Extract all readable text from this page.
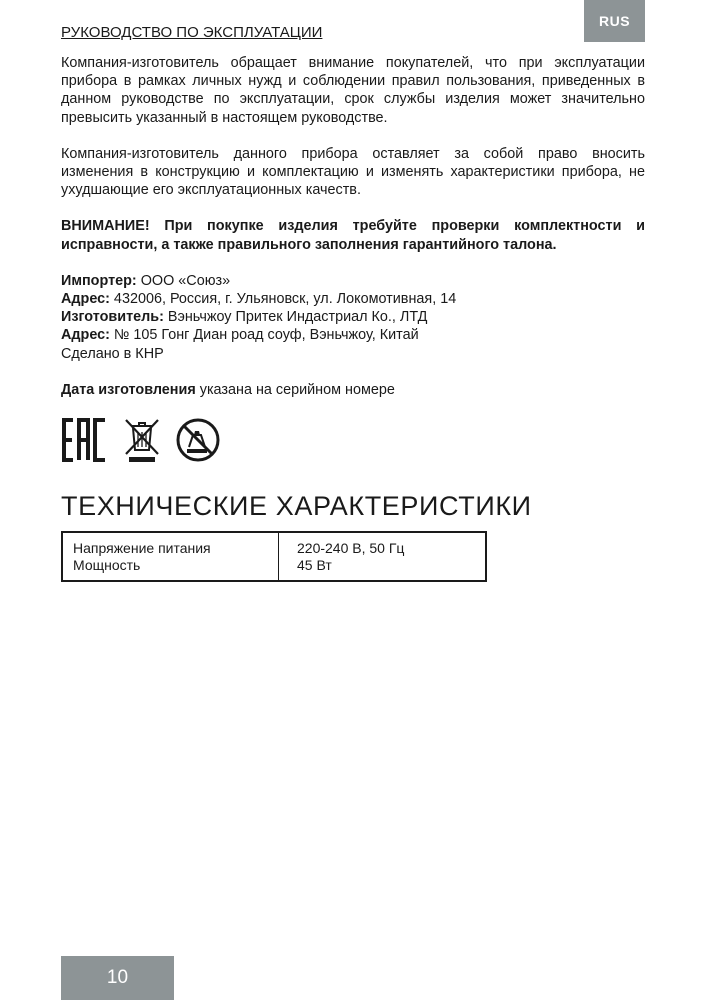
RUS
РУКОВОДСТВО ПО ЭКСПЛУАТАЦИИ

Компания-изготовитель обращает внимание покупателей, что при эксплуатации прибора в рамках личных нужд и соблюдении правил пользования, приведенных в данном руководстве по эксплуатации, срок службы изделия может значительно превысить указанный в настоящем руководстве.

Компания-изготовитель данного прибора оставляет за собой право вносить изменения в конструкцию и комплектацию и изменять характеристики прибора, не ухудшающие его эксплуатационных качеств.

ВНИМАНИЕ! При покупке изделия требуйте проверки комплектности и исправности, а также правильного заполнения гарантийного талона.

Импортер: ООО «Союз»

Адрес: 432006, Россия, г. Ульяновск, ул. Локомотивная, 14

Изготовитель: Вэньчжоу Притек Индастриал Ко., ЛТД

Адрес: № 105 Гонг Диан роад соуф, Вэньчжоу, Китай

Сделано в КНР

Дата изготовления указана на серийном номере

ТЕХНИЧЕСКИЕ ХАРАКТЕРИСТИКИ
Напряжение питания
Мощность
220-240 В, 50 Гц
45 Вт
10
